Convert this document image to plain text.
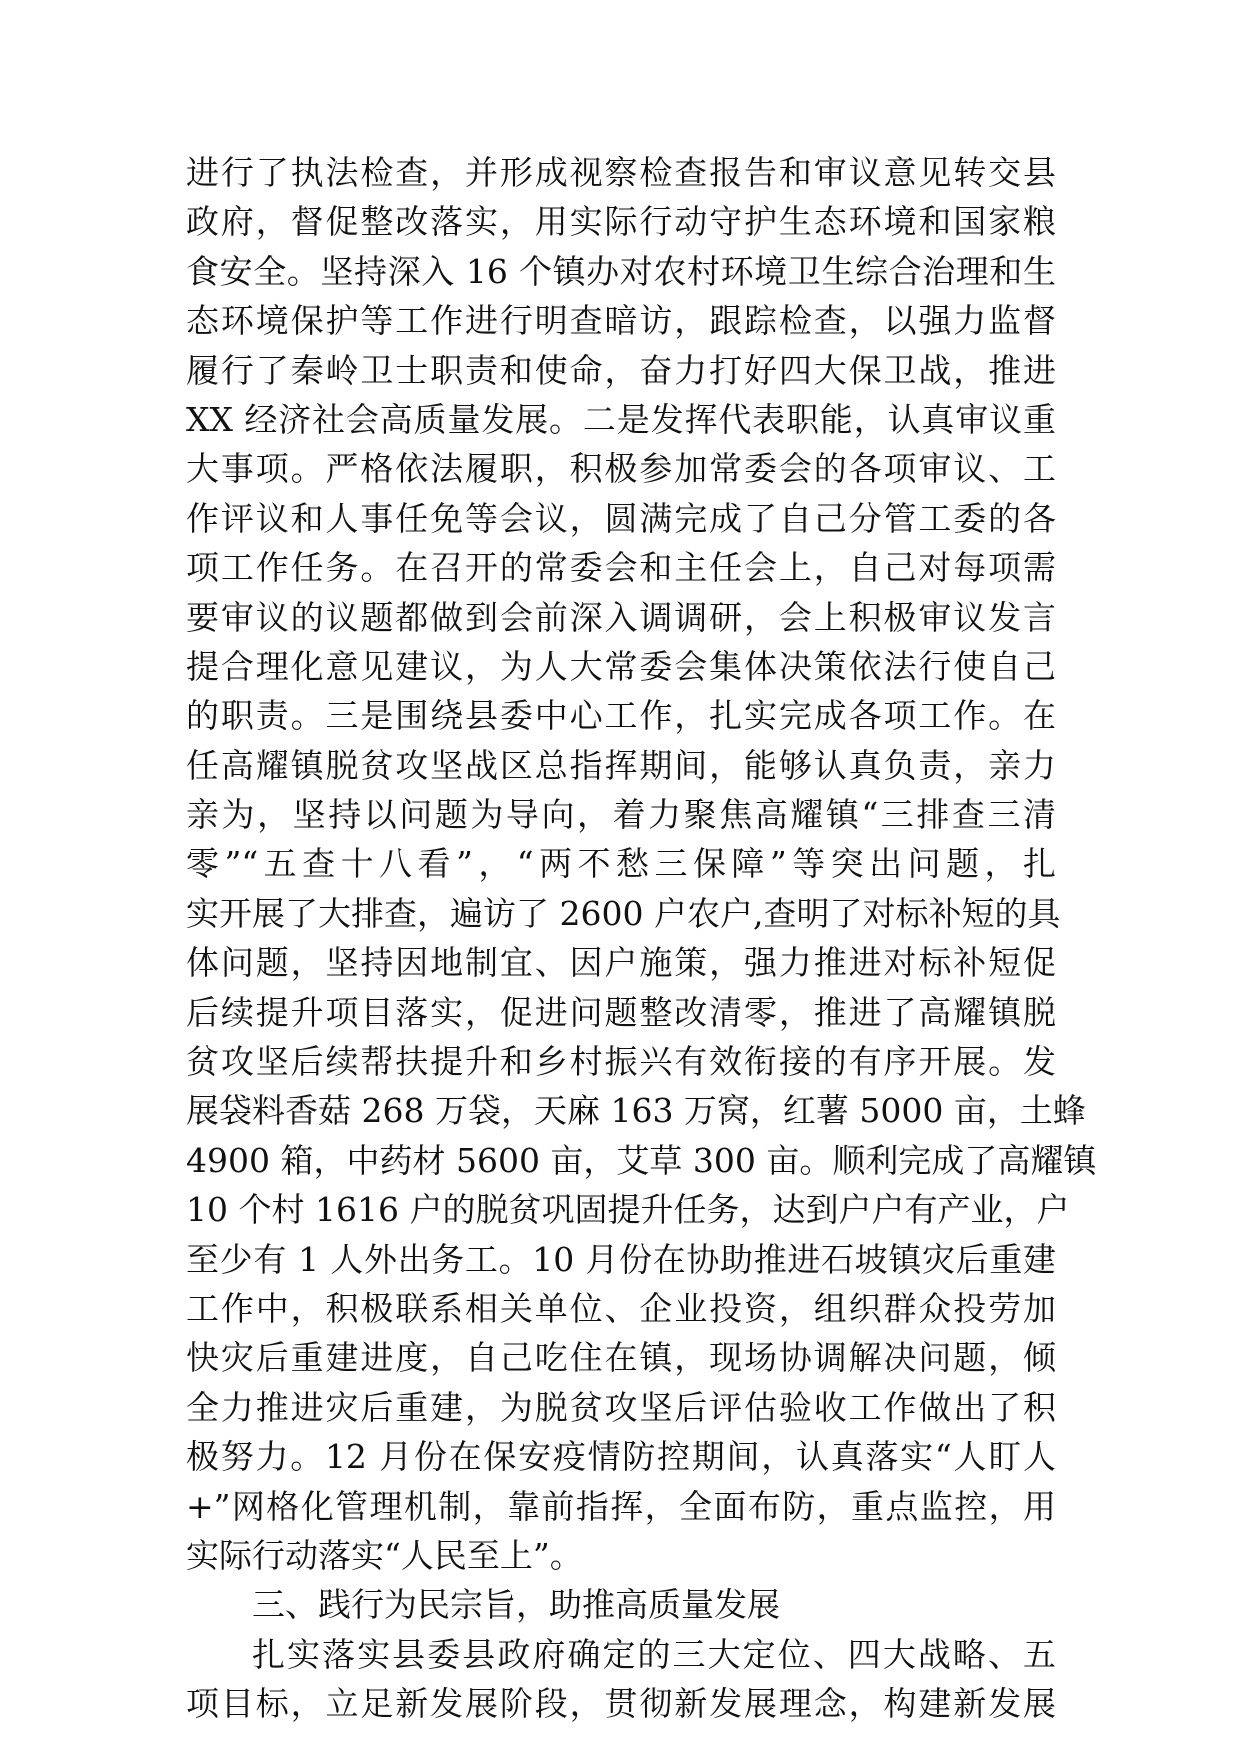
进行了执法检查，并形成视察检查报告和审议意见转交县
政府，督促整改落实，用实际行动守护生态环境和国家粮
食安全。坚持深入 16 个镇办对农村环境卫生综合治理和生
态环境保护等工作进行明查暗访，跟踪检查，以强力监督
履行了秦岭卫士职责和使命，奋力打好四大保卫战，推进
XX 经济社会高质量发展。二是发挥代表职能，认真审议重
大事项。严格依法履职，积极参加常委会的各项审议、工
作评议和人事任免等会议，圆满完成了自己分管工委的各
项工作任务。在召开的常委会和主任会上，自己对每项需
要审议的议题都做到会前深入调调研，会上积极审议发言
提合理化意见建议，为人大常委会集体决策依法行使自己
的职责。三是围绕县委中心工作，扎实完成各项工作。在
任高耀镇脱贫攻坚战区总指挥期间，能够认真负责，亲力
亲为，坚持以问题为导向，着力聚焦高耀镇“三排查三清
零”“五查十八看”，“两不愁三保障”等突出问题，扎
实开展了大排查，遍访了 2600 户农户,查明了对标补短的具
体问题，坚持因地制宜、因户施策，强力推进对标补短促
后续提升项目落实，促进问题整改清零，推进了高耀镇脱
贫攻坚后续帮扶提升和乡村振兴有效衔接的有序开展。发
展袋料香菇 268 万袋，天麻 163 万窝，红薯 5000 亩，土蜂
4900 箱，中药材 5600 亩，艾草 300 亩。顺利完成了高耀镇
10 个村 1616 户的脱贫巩固提升任务，达到户户有产业，户
至少有 1 人外出务工。10 月份在协助推进石坡镇灾后重建
工作中，积极联系相关单位、企业投资，组织群众投劳加
快灾后重建进度，自己吃住在镇，现场协调解决问题，倾
全力推进灾后重建，为脱贫攻坚后评估验收工作做出了积
极努力。12 月份在保安疫情防控期间，认真落实“人盯人
+”网格化管理机制，靠前指挥，全面布防，重点监控，用
实际行动落实“人民至上”。
三、践行为民宗旨，助推高质量发展
扎实落实县委县政府确定的三大定位、四大战略、五
项目标，立足新发展阶段，贯彻新发展理念，构建新发展
